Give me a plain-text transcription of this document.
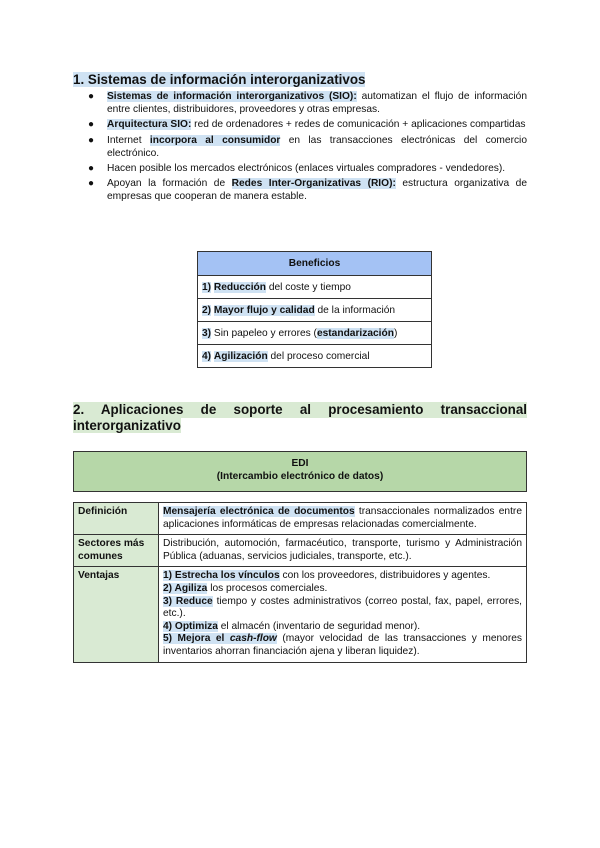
1. Sistemas de información interorganizativos
● Sistemas de información interorganizativos (SIO): automatizan el flujo de información entre clientes, distribuidores, proveedores y otras empresas.
● Arquitectura SIO: red de ordenadores + redes de comunicación + aplicaciones compartidas
● Internet incorpora al consumidor en las transacciones electrónicas del comercio electrónico.
● Hacen posible los mercados electrónicos (enlaces virtuales compradores - vendedores).
● Apoyan la formación de Redes Inter-Organizativas (RIO): estructura organizativa de empresas que cooperan de manera estable.
Beneficios
1) Reducción del coste y tiempo
2) Mayor flujo y calidad de la información
3) Sin papeleo y errores (estandarización)
4) Agilización del proceso comercial
2. Aplicaciones de soporte al procesamiento transaccional
interorganizativo
EDI
(Intercambio electrónico de datos)
Definición	Mensajería electrónica de documentos transaccionales normalizados entre aplicaciones informáticas de empresas relacionadas comercialmente.
Sectores más comunes	Distribución, automoción, farmacéutico, transporte, turismo y Administración Pública (aduanas, servicios judiciales, transporte, etc.).
Ventajas	1) Estrecha los vínculos con los proveedores, distribuidores y agentes.
2) Agiliza los procesos comerciales.
3) Reduce tiempo y costes administrativos (correo postal, fax, papel, errores, etc.).
4) Optimiza el almacén (inventario de seguridad menor).
5) Mejora el cash-flow (mayor velocidad de las transacciones y menores inventarios ahorran financiación ajena y liberan liquidez).
